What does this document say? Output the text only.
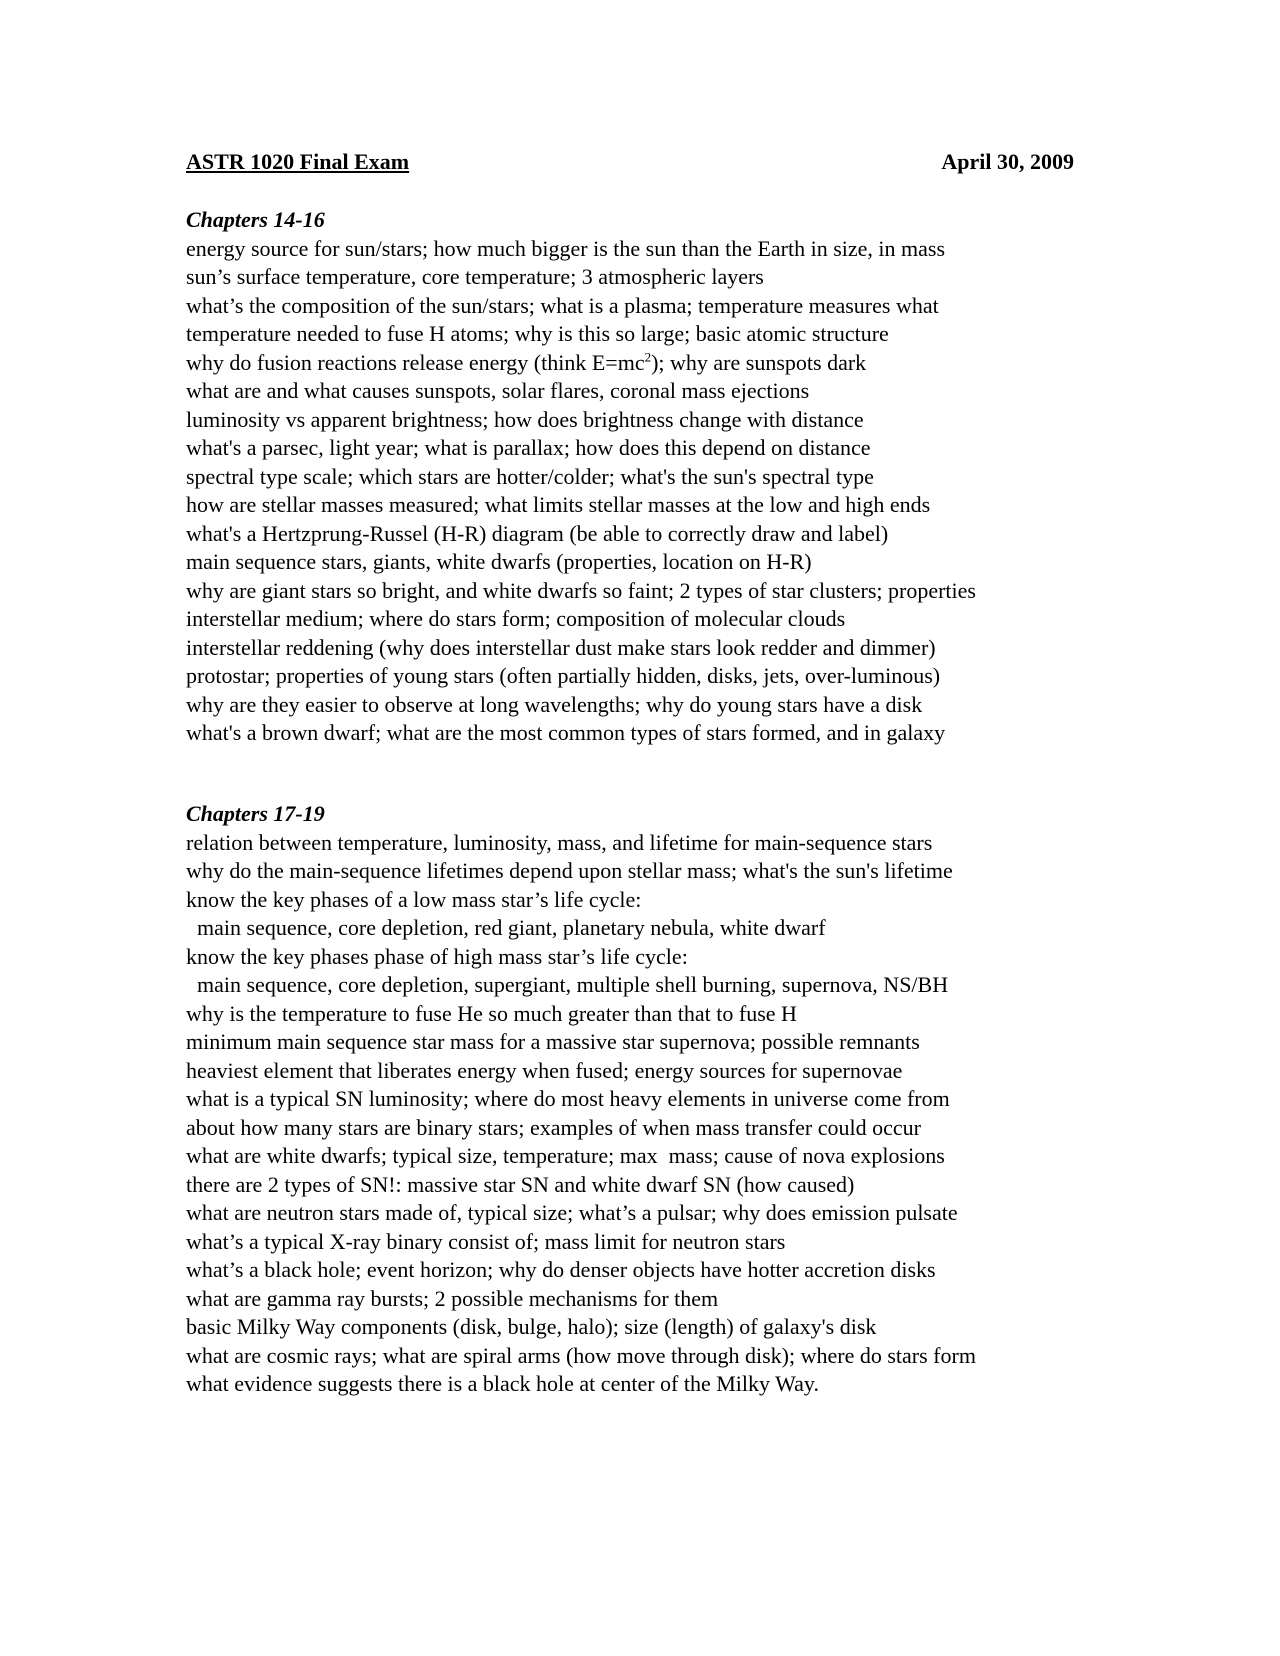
ASTR 1020 Final Exam	April 30, 2009
Chapters 14-16
energy source for sun/stars; how much bigger is the sun than the Earth in size, in mass
sun’s surface temperature, core temperature; 3 atmospheric layers
what’s the composition of the sun/stars; what is a plasma; temperature measures what
temperature needed to fuse H atoms; why is this so large; basic atomic structure
why do fusion reactions release energy (think $E=mc^2$); why are sunspots dark
what are and what causes sunspots, solar flares, coronal mass ejections
luminosity vs apparent brightness; how does brightness change with distance
what's a parsec, light year; what is parallax; how does this depend on distance
spectral type scale; which stars are hotter/colder; what's the sun's spectral type
how are stellar masses measured; what limits stellar masses at the low and high ends
what's a Hertzprung-Russel (H-R) diagram (be able to correctly draw and label)
main sequence stars, giants, white dwarfs (properties, location on H-R)
why are giant stars so bright, and white dwarfs so faint; 2 types of star clusters; properties
interstellar medium; where do stars form; composition of molecular clouds
interstellar reddening (why does interstellar dust make stars look redder and dimmer)
protostar; properties of young stars (often partially hidden, disks, jets, over-luminous)
why are they easier to observe at long wavelengths; why do young stars have a disk
what's a brown dwarf; what are the most common types of stars formed, and in galaxy
Chapters 17-19
relation between temperature, luminosity, mass, and lifetime for main-sequence stars
why do the main-sequence lifetimes depend upon stellar mass; what's the sun's lifetime
know the key phases of a low mass star’s life cycle:
main sequence, core depletion, red giant, planetary nebula, white dwarf
know the key phases phase of high mass star’s life cycle:
main sequence, core depletion, supergiant, multiple shell burning, supernova, NS/BH
why is the temperature to fuse He so much greater than that to fuse H
minimum main sequence star mass for a massive star supernova; possible remnants
heaviest element that liberates energy when fused; energy sources for supernovae
what is a typical SN luminosity; where do most heavy elements in universe come from
about how many stars are binary stars; examples of when mass transfer could occur
what are white dwarfs; typical size, temperature; max  mass; cause of nova explosions
there are 2 types of SN!: massive star SN and white dwarf SN (how caused)
what are neutron stars made of, typical size; what’s a pulsar; why does emission pulsate
what’s a typical X-ray binary consist of; mass limit for neutron stars
what’s a black hole; event horizon; why do denser objects have hotter accretion disks
what are gamma ray bursts; 2 possible mechanisms for them
basic Milky Way components (disk, bulge, halo); size (length) of galaxy's disk
what are cosmic rays; what are spiral arms (how move through disk); where do stars form
what evidence suggests there is a black hole at center of the Milky Way.
